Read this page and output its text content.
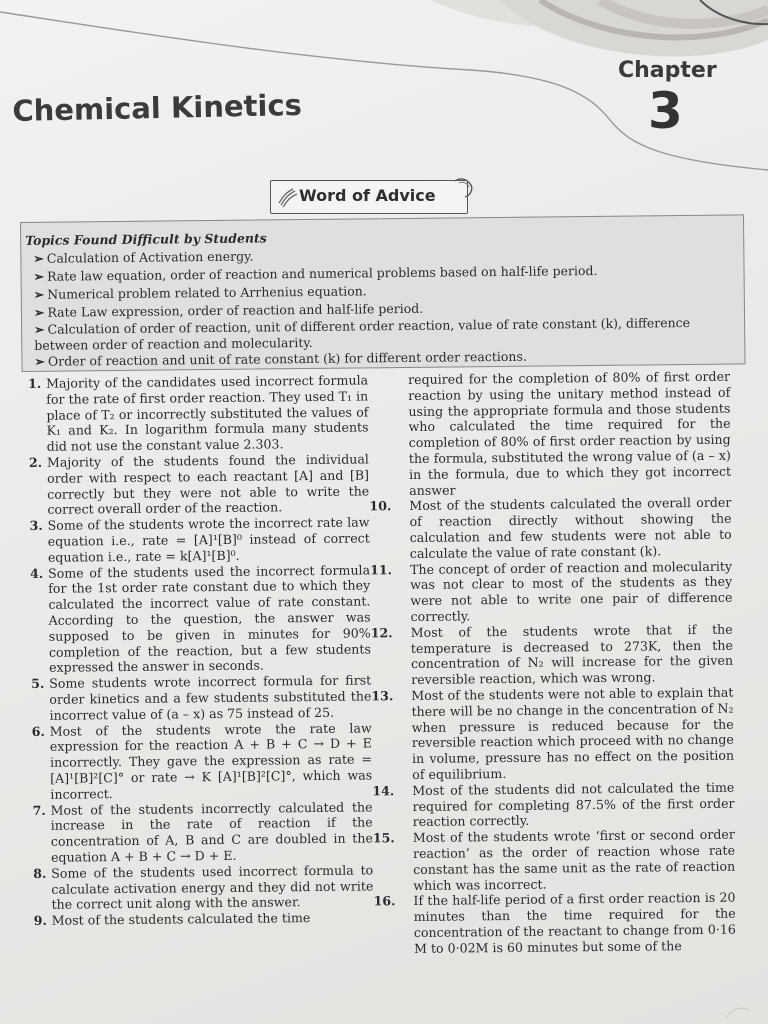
Chapter
3
Chemical Kinetics
Word of Advice
Topics Found Difficult by Students
➢ Calculation of Activation energy.
➢ Rate law equation, order of reaction and numerical problems based on half-life period.
➢ Numerical problem related to Arrhenius equation.
➢ Rate Law expression, order of reaction and half-life period.
➢ Calculation of order of reaction, unit of different order reaction, value of rate constant (k), difference between order of reaction and molecularity.
➢ Order of reaction and unit of rate constant (k) for different order reactions.
1. Majority of the candidates used incorrect formula for the rate of first order reaction. They used T₁ in place of T₂ or incorrectly substituted the values of K₁ and K₂. In logarithm formula many students did not use the constant value 2.303.
2. Majority of the students found the individual order with respect to each reactant [A] and [B] correctly but they were not able to write the correct overall order of the reaction.
3. Some of the students wrote the incorrect rate law equation i.e., rate = [A]¹[B]⁰ instead of correct equation i.e., rate = k[A]¹[B]⁰.
4. Some of the students used the incorrect formula for the 1st order rate constant due to which they calculated the incorrect value of rate constant. According to the question, the answer was supposed to be given in minutes for 90% completion of the reaction, but a few students expressed the answer in seconds.
5. Some students wrote incorrect formula for first order kinetics and a few students substituted the incorrect value of (a – x) as 75 instead of 25.
6. Most of the students wrote the rate law expression for the reaction A + B + C → D + E incorrectly. They gave the expression as rate = [A]¹[B]²[C]° or rate → K [A]¹[B]²[C]°, which was incorrect.
7. Most of the students incorrectly calculated the increase in the rate of reaction if the concentration of A, B and C are doubled in the equation A + B + C → D + E.
8. Some of the students used incorrect formula to calculate activation energy and they did not write the correct unit along with the answer.
9. Most of the students calculated the time
required for the completion of 80% of first order reaction by using the unitary method instead of using the appropriate formula and those students who calculated the time required for the completion of 80% of first order reaction by using the formula, substituted the wrong value of (a – x) in the formula, due to which they got incorrect answer
10. Most of the students calculated the overall order of reaction directly without showing the calculation and few students were not able to calculate the value of rate constant (k).
11. The concept of order of reaction and molecularity was not clear to most of the students as they were not able to write one pair of difference correctly.
12. Most of the students wrote that if the temperature is decreased to 273K, then the concentration of N₂ will increase for the given reversible reaction, which was wrong.
13. Most of the students were not able to explain that there will be no change in the concentration of N₂ when pressure is reduced because for the reversible reaction which proceed with no change in volume, pressure has no effect on the position of equilibrium.
14. Most of the students did not calculated the time required for completing 87.5% of the first order reaction correctly.
15. Most of the students wrote ‘first or second order reaction’ as the order of reaction whose rate constant has the same unit as the rate of reaction which was incorrect.
16. If the half-life period of a first order reaction is 20 minutes than the time required for the concentration of the reactant to change from 0·16 M to 0·02M is 60 minutes but some of the
